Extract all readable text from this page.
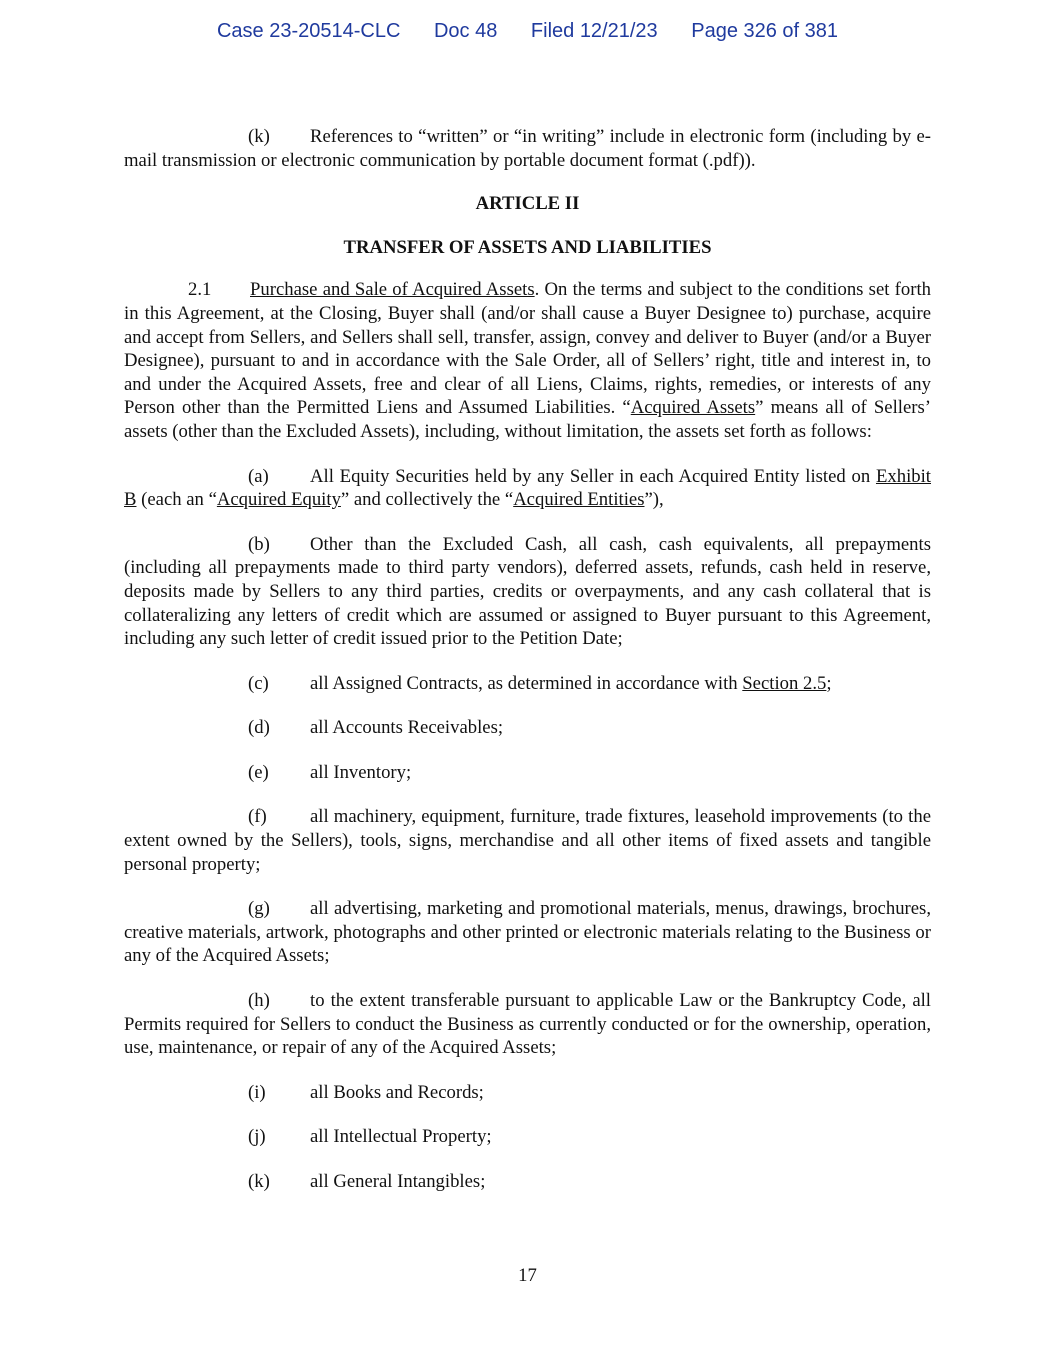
Case 23-20514-CLC Doc 48 Filed 12/21/23 Page 326 of 381

(k) References to “written” or “in writing” include in electronic form (including by e-mail transmission or electronic communication by portable document format (.pdf)).

ARTICLE II

TRANSFER OF ASSETS AND LIABILITIES

2.1 Purchase and Sale of Acquired Assets. On the terms and subject to the conditions set forth in this Agreement, at the Closing, Buyer shall (and/or shall cause a Buyer Designee to) purchase, acquire and accept from Sellers, and Sellers shall sell, transfer, assign, convey and deliver to Buyer (and/or a Buyer Designee), pursuant to and in accordance with the Sale Order, all of Sellers’ right, title and interest in, to and under the Acquired Assets, free and clear of all Liens, Claims, rights, remedies, or interests of any Person other than the Permitted Liens and Assumed Liabilities. “Acquired Assets” means all of Sellers’ assets (other than the Excluded Assets), including, without limitation, the assets set forth as follows:

(a) All Equity Securities held by any Seller in each Acquired Entity listed on Exhibit B (each an “Acquired Equity” and collectively the “Acquired Entities”),

(b) Other than the Excluded Cash, all cash, cash equivalents, all prepayments (including all prepayments made to third party vendors), deferred assets, refunds, cash held in reserve, deposits made by Sellers to any third parties, credits or overpayments, and any cash collateral that is collateralizing any letters of credit which are assumed or assigned to Buyer pursuant to this Agreement, including any such letter of credit issued prior to the Petition Date;

(c) all Assigned Contracts, as determined in accordance with Section 2.5;

(d) all Accounts Receivables;

(e) all Inventory;

(f) all machinery, equipment, furniture, trade fixtures, leasehold improvements (to the extent owned by the Sellers), tools, signs, merchandise and all other items of fixed assets and tangible personal property;

(g) all advertising, marketing and promotional materials, menus, drawings, brochures, creative materials, artwork, photographs and other printed or electronic materials relating to the Business or any of the Acquired Assets;

(h) to the extent transferable pursuant to applicable Law or the Bankruptcy Code, all Permits required for Sellers to conduct the Business as currently conducted or for the ownership, operation, use, maintenance, or repair of any of the Acquired Assets;

(i) all Books and Records;

(j) all Intellectual Property;

(k) all General Intangibles;

17
